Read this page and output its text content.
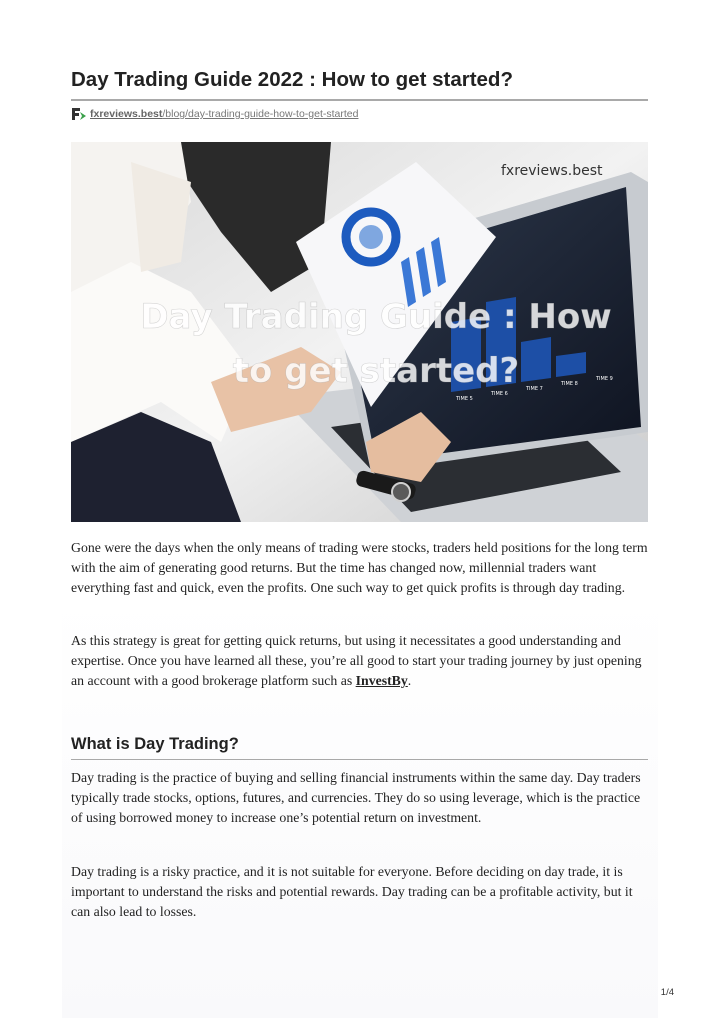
Day Trading Guide 2022 : How to get started?
fxreviews.best /blog/day-trading-guide-how-to-get-started
TIME 5
TIME 6
TIME 7
TIME 8
TIME 9
fxreviews.best
Day Trading Guide : How
to get started?

Gone were the days when the only means of trading were stocks, traders held positions for the long term with the aim of generating good returns. But the time has changed now, millennial traders want everything fast and quick, even the profits. One such way to get quick profits is through day trading.

As this strategy is great for getting quick returns, but using it necessitates a good understanding and expertise. Once you have learned all these, you’re all good to start your trading journey by just opening an account with a good brokerage platform such as InvestBy.

What is Day Trading?

Day trading is the practice of buying and selling financial instruments within the same day. Day traders typically trade stocks, options, futures, and currencies. They do so using leverage, which is the practice of using borrowed money to increase one’s potential return on investment.

Day trading is a risky practice, and it is not suitable for everyone. Before deciding on day trade, it is important to understand the risks and potential rewards. Day trading can be a profitable activity, but it can also lead to losses.

1/4
